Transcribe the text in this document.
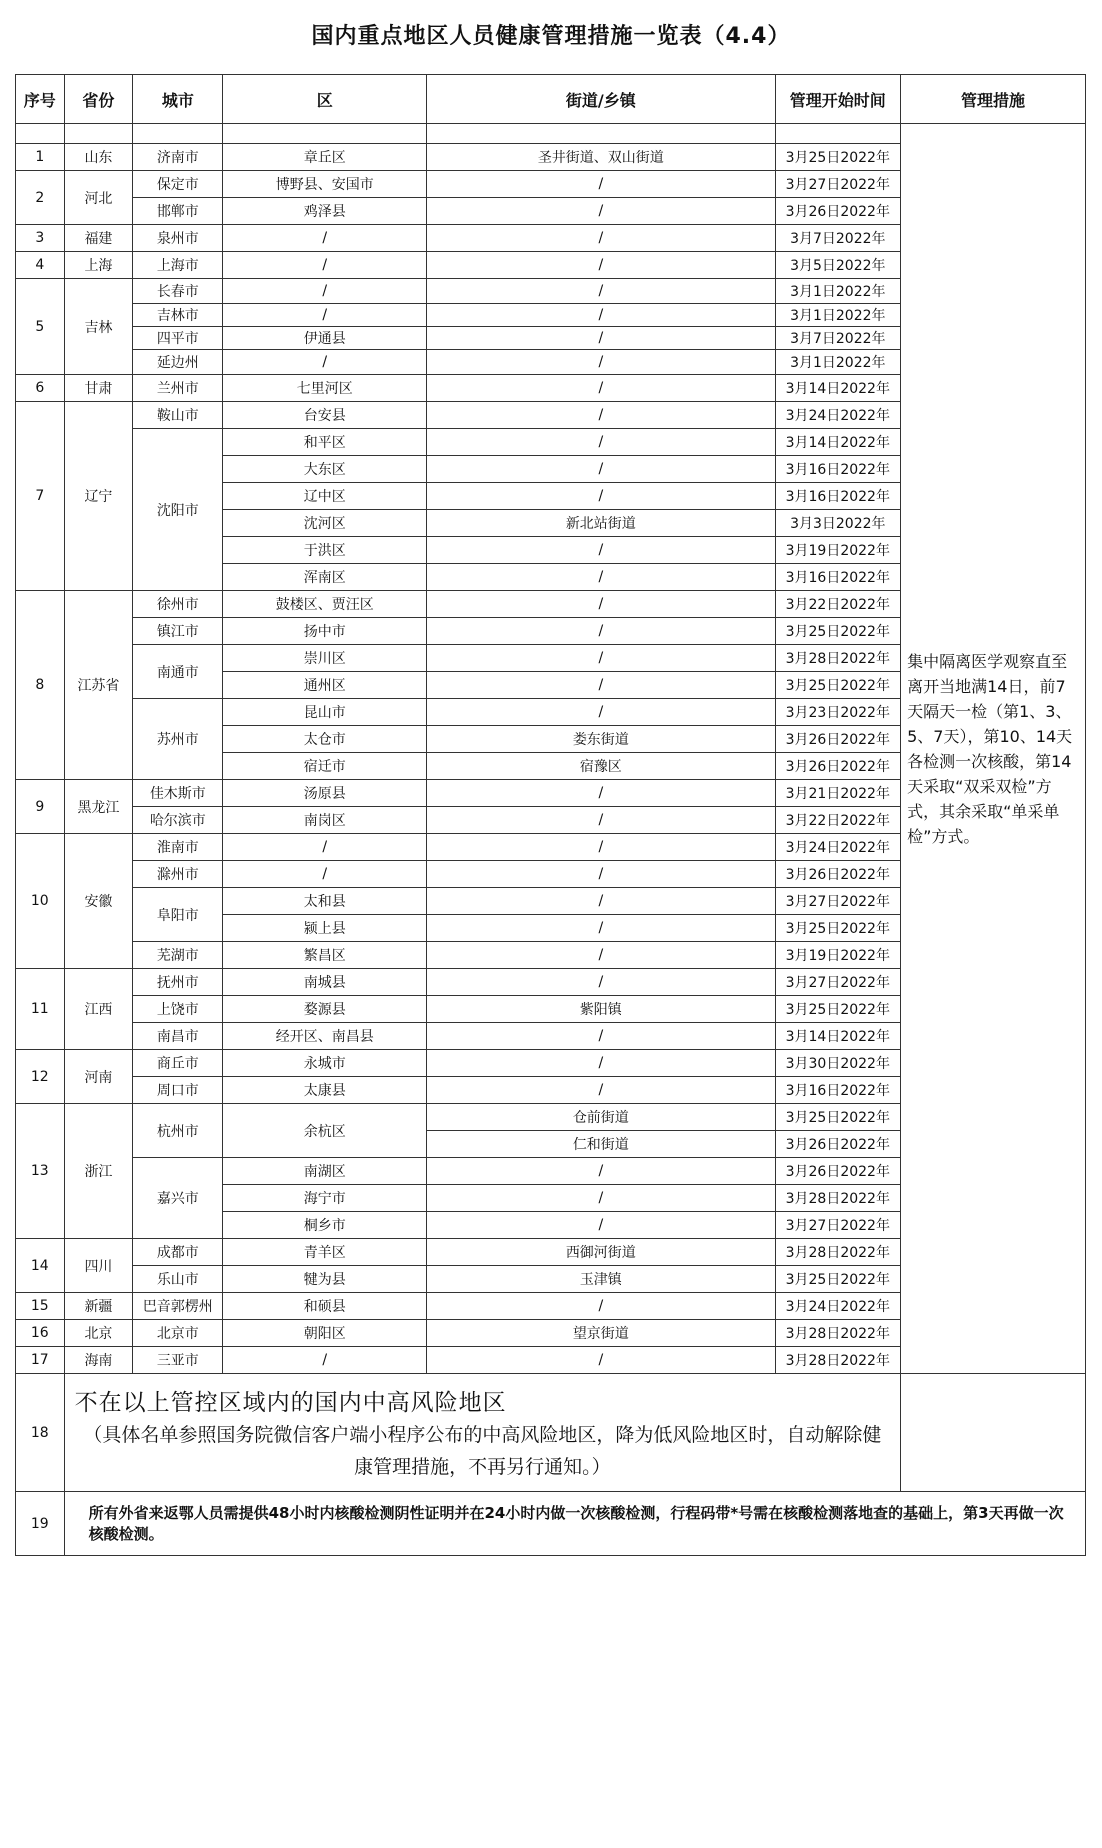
国内重点地区人员健康管理措施一览表（4.4）
序号	省份	城市	区	街道/乡镇	管理开始时间	管理措施
						集中隔离医学观察直至离开当地满14日，前7天隔天一检（第1、3、5、7天），第10、14天各检测一次核酸，第14天采取“双采双检”方式，其余采取“单采单检”方式。
1	山东	济南市	章丘区	圣井街道、双山街道	3月25日2022年	
2	河北	保定市	博野县、安国市	/	3月27日2022年	
		邯郸市	鸡泽县	/	3月26日2022年	
3	福建	泉州市	/	/	3月7日2022年	
4	上海	上海市	/	/	3月5日2022年	
5	吉林	长春市	/	/	3月1日2022年	
		吉林市	/	/	3月1日2022年	
		四平市	伊通县	/	3月7日2022年	
		延边州	/	/	3月1日2022年	
6	甘肃	兰州市	七里河区	/	3月14日2022年	
7	辽宁	鞍山市	台安县	/	3月24日2022年	
		沈阳市	和平区	/	3月14日2022年	
			大东区	/	3月16日2022年	
			辽中区	/	3月16日2022年	
			沈河区	新北站街道	3月3日2022年	
			于洪区	/	3月19日2022年	
			浑南区	/	3月16日2022年	
8	江苏省	徐州市	鼓楼区、贾汪区	/	3月22日2022年	
		镇江市	扬中市	/	3月25日2022年	
		南通市	崇川区	/	3月28日2022年	
			通州区	/	3月25日2022年	
		苏州市	昆山市	/	3月23日2022年	
			太仓市	娄东街道	3月26日2022年	
			宿迁市	宿豫区	3月26日2022年	
9	黑龙江	佳木斯市	汤原县	/	3月21日2022年	
		哈尔滨市	南岗区	/	3月22日2022年	
10	安徽	淮南市	/	/	3月24日2022年	
		滁州市	/	/	3月26日2022年	
		阜阳市	太和县	/	3月27日2022年	
			颍上县	/	3月25日2022年	
		芜湖市	繁昌区	/	3月19日2022年	
11	江西	抚州市	南城县	/	3月27日2022年	
		上饶市	婺源县	紫阳镇	3月25日2022年	
		南昌市	经开区、南昌县	/	3月14日2022年	
12	河南	商丘市	永城市	/	3月30日2022年	
		周口市	太康县	/	3月16日2022年	
13	浙江	杭州市	余杭区	仓前街道	3月25日2022年	
				仁和街道	3月26日2022年	
		嘉兴市	南湖区	/	3月26日2022年	
			海宁市	/	3月28日2022年	
			桐乡市	/	3月27日2022年	
14	四川	成都市	青羊区	西御河街道	3月28日2022年	
		乐山市	犍为县	玉津镇	3月25日2022年	
15	新疆	巴音郭楞州	和硕县	/	3月24日2022年	
16	北京	北京市	朝阳区	望京街道	3月28日2022年	
17	海南	三亚市	/	/	3月28日2022年	
18	不在以上管控区域内的国内中高风险地区
（具体名单参照国务院微信客户端小程序公布的中高风险地区，降为低风险地区时，自动解除健康管理措施，不再另行通知。）					

19	所有外省来返鄂人员需提供48小时内核酸检测阴性证明并在24小时内做一次核酸检测，行程码带*号需在核酸检测落地查的基础上，第3天再做一次核酸检测。					
